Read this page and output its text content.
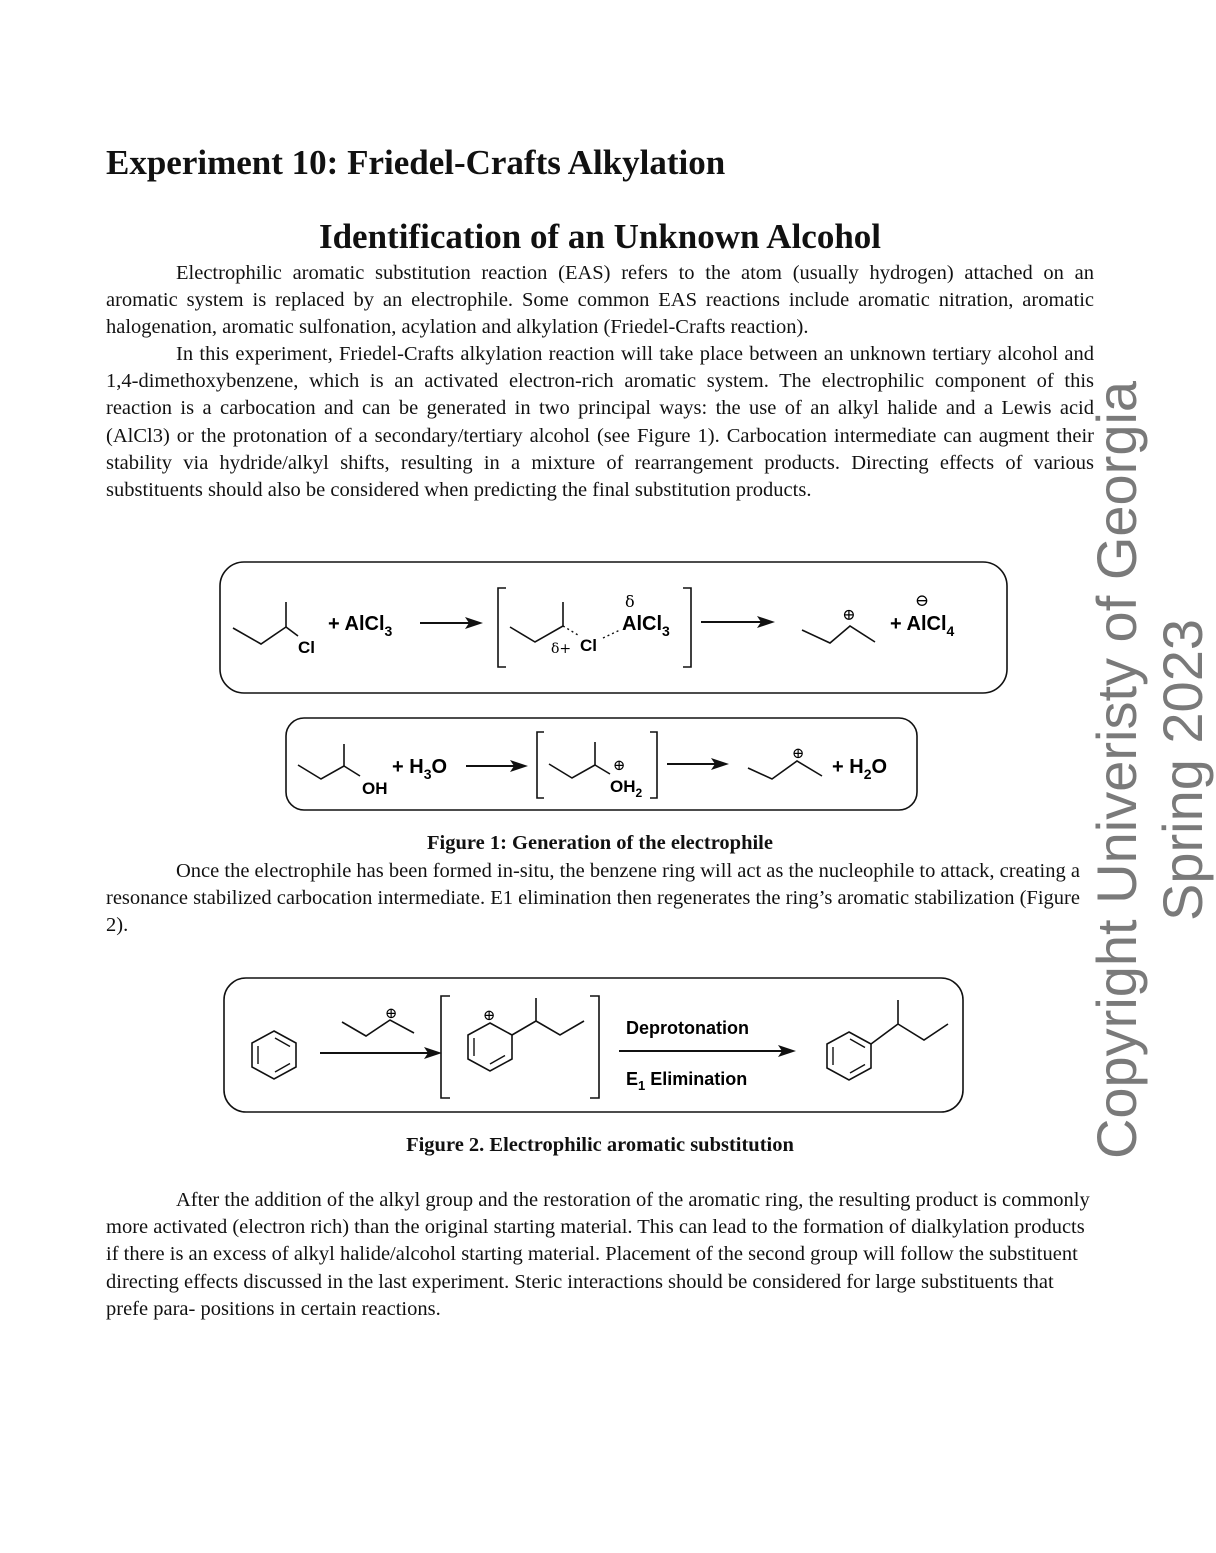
Experiment 10: Friedel-Crafts Alkylation
Identification of an Unknown Alcohol

Electrophilic aromatic substitution reaction (EAS) refers to the atom (usually hydrogen) attached on an aromatic system is replaced by an electrophile. Some common EAS reactions include aromatic nitration, aromatic halogenation, aromatic sulfonation, acylation and alkylation (Friedel-Crafts reaction).

In this experiment, Friedel-Crafts alkylation reaction will take place between an unknown tertiary alcohol and 1,4-dimethoxybenzene, which is an activated electron-rich aromatic system. The electrophilic component of this reaction is a carbocation and can be generated in two principal ways: the use of an alkyl halide and a Lewis acid (AlCl3) or the protonation of a secondary/tertiary alcohol (see Figure 1). Carbocation intermediate can augment their stability via hydride/alkyl shifts, resulting in a mixture of rearrangement products. Directing effects of various substituents should also be considered when predicting the final substitution products.

Cl
+ AlCl$_3$
δ+ Cl
AlCl$_3$
δ
⊕ + AlCl$_4$
⊖
OH
+ $H_3O$
$OH_2$
⊕
⊕
+ $H_2O$

Figure 1: Generation of the electrophile

Once the electrophile has been formed in-situ, the benzene ring will act as the nucleophile to attack, creating a resonance stabilized carbocation intermediate. E1 elimination then regenerates the ring’s aromatic stabilization (Figure 2).

⊕	⊕
Deprotonation
$E_1$ Elimination

Figure 2. Electrophilic aromatic substitution

After the addition of the alkyl group and the restoration of the aromatic ring, the resulting product is commonly more activated (electron rich) than the original starting material. This can lead to the formation of dialkylation products if there is an excess of alkyl halide/alcohol starting material. Placement of the second group will follow the substituent directing effects discussed in the last experiment. Steric interactions should be considered for large substituents that prefe para- positions in certain reactions.

Copyright Univeristy of Georgia Spring 2023
